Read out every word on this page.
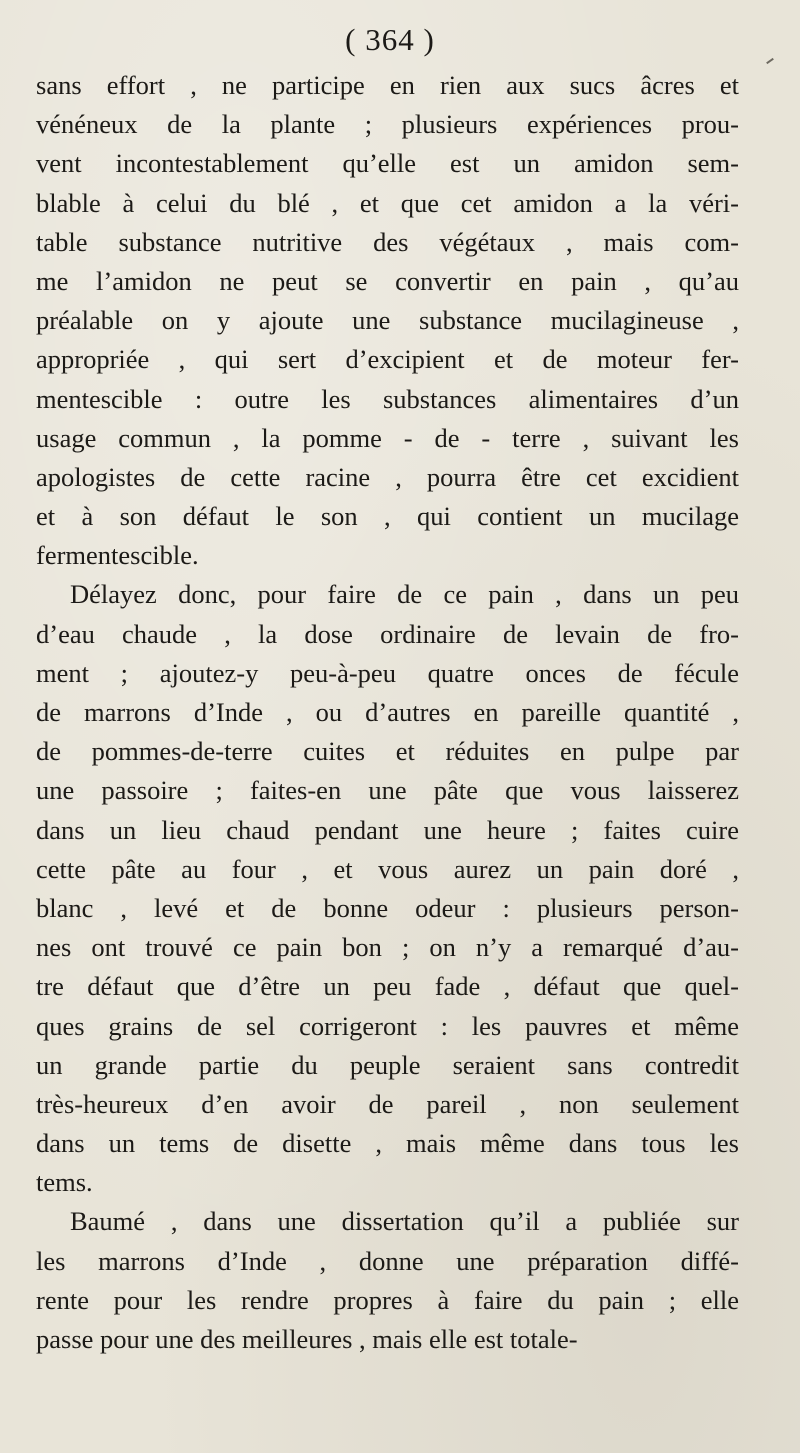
( 364 )
sans effort , ne participe en rien aux sucs âcres et
vénéneux de la plante ; plusieurs expériences prou-
vent incontestablement qu’elle est un amidon sem-
blable à celui du blé , et que cet amidon a la véri-
table substance nutritive des végétaux , mais com-
me l’amidon ne peut se convertir en pain , qu’au
préalable on y ajoute une substance mucilagineuse ,
appropriée , qui sert d’excipient et de moteur fer-
mentescible : outre les substances alimentaires d’un
usage commun , la pomme - de - terre , suivant les
apologistes de cette racine , pourra être cet excidient
et à son défaut le son , qui contient un mucilage
fermentescible.
Délayez donc, pour faire de ce pain , dans un peu
d’eau chaude , la dose ordinaire de levain de fro-
ment ; ajoutez-y peu-à-peu quatre onces de fécule
de marrons d’Inde , ou d’autres en pareille quantité ,
de pommes-de-terre cuites et réduites en pulpe par
une passoire ; faites-en une pâte que vous laisserez
dans un lieu chaud pendant une heure ; faites cuire
cette pâte au four , et vous aurez un pain doré ,
blanc , levé et de bonne odeur : plusieurs person-
nes ont trouvé ce pain bon ; on n’y a remarqué d’au-
tre défaut que d’être un peu fade , défaut que quel-
ques grains de sel corrigeront : les pauvres et même
un grande partie du peuple seraient sans contredit
très-heureux d’en avoir de pareil , non seulement
dans un tems de disette , mais même dans tous les
tems.
Baumé , dans une dissertation qu’il a publiée sur
les marrons d’Inde , donne une préparation diffé-
rente pour les rendre propres à faire du pain ; elle
passe pour une des meilleures , mais elle est totale-
